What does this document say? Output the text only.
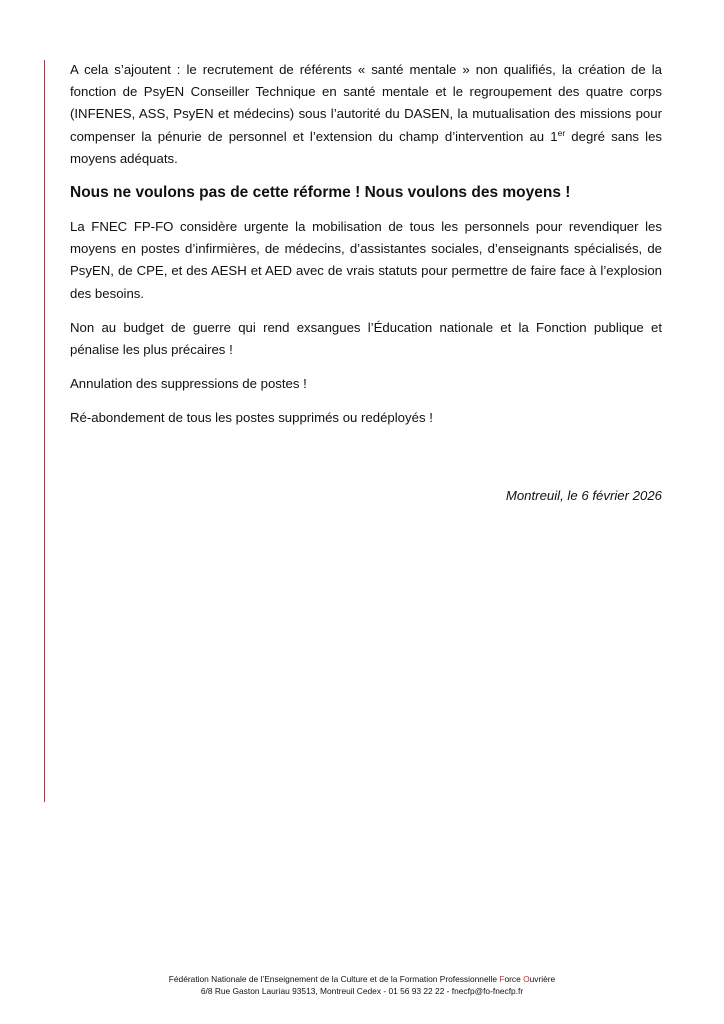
A cela s’ajoutent : le recrutement de référents « santé mentale » non qualifiés, la création de la fonction de PsyEN Conseiller Technique en santé mentale et le regroupement des quatre corps (INFENES, ASS, PsyEN et médecins) sous l’autorité du DASEN, la mutualisation des missions pour compenser la pénurie de personnel et l’extension du champ d’intervention au 1er degré sans les moyens adéquats.

Nous ne voulons pas de cette réforme ! Nous voulons des moyens !

La FNEC FP-FO considère urgente la mobilisation de tous les personnels pour revendiquer les moyens en postes d’infirmières, de médecins, d’assistantes sociales, d’enseignants spécialisés, de PsyEN, de CPE, et des AESH et AED avec de vrais statuts pour permettre de faire face à l’explosion des besoins.

Non au budget de guerre qui rend exsangues l’Éducation nationale et la Fonction publique et pénalise les plus précaires !

Annulation des suppressions de postes !

Ré-abondement de tous les postes supprimés ou redéployés !

Montreuil, le 6 février 2026
Fédération Nationale de l’Enseignement de la Culture et de la Formation Professionnelle Force Ouvrière
6/8 Rue Gaston Lauriau 93513, Montreuil Cedex - 01 56 93 22 22 - fnecfp@fo-fnecfp.fr
